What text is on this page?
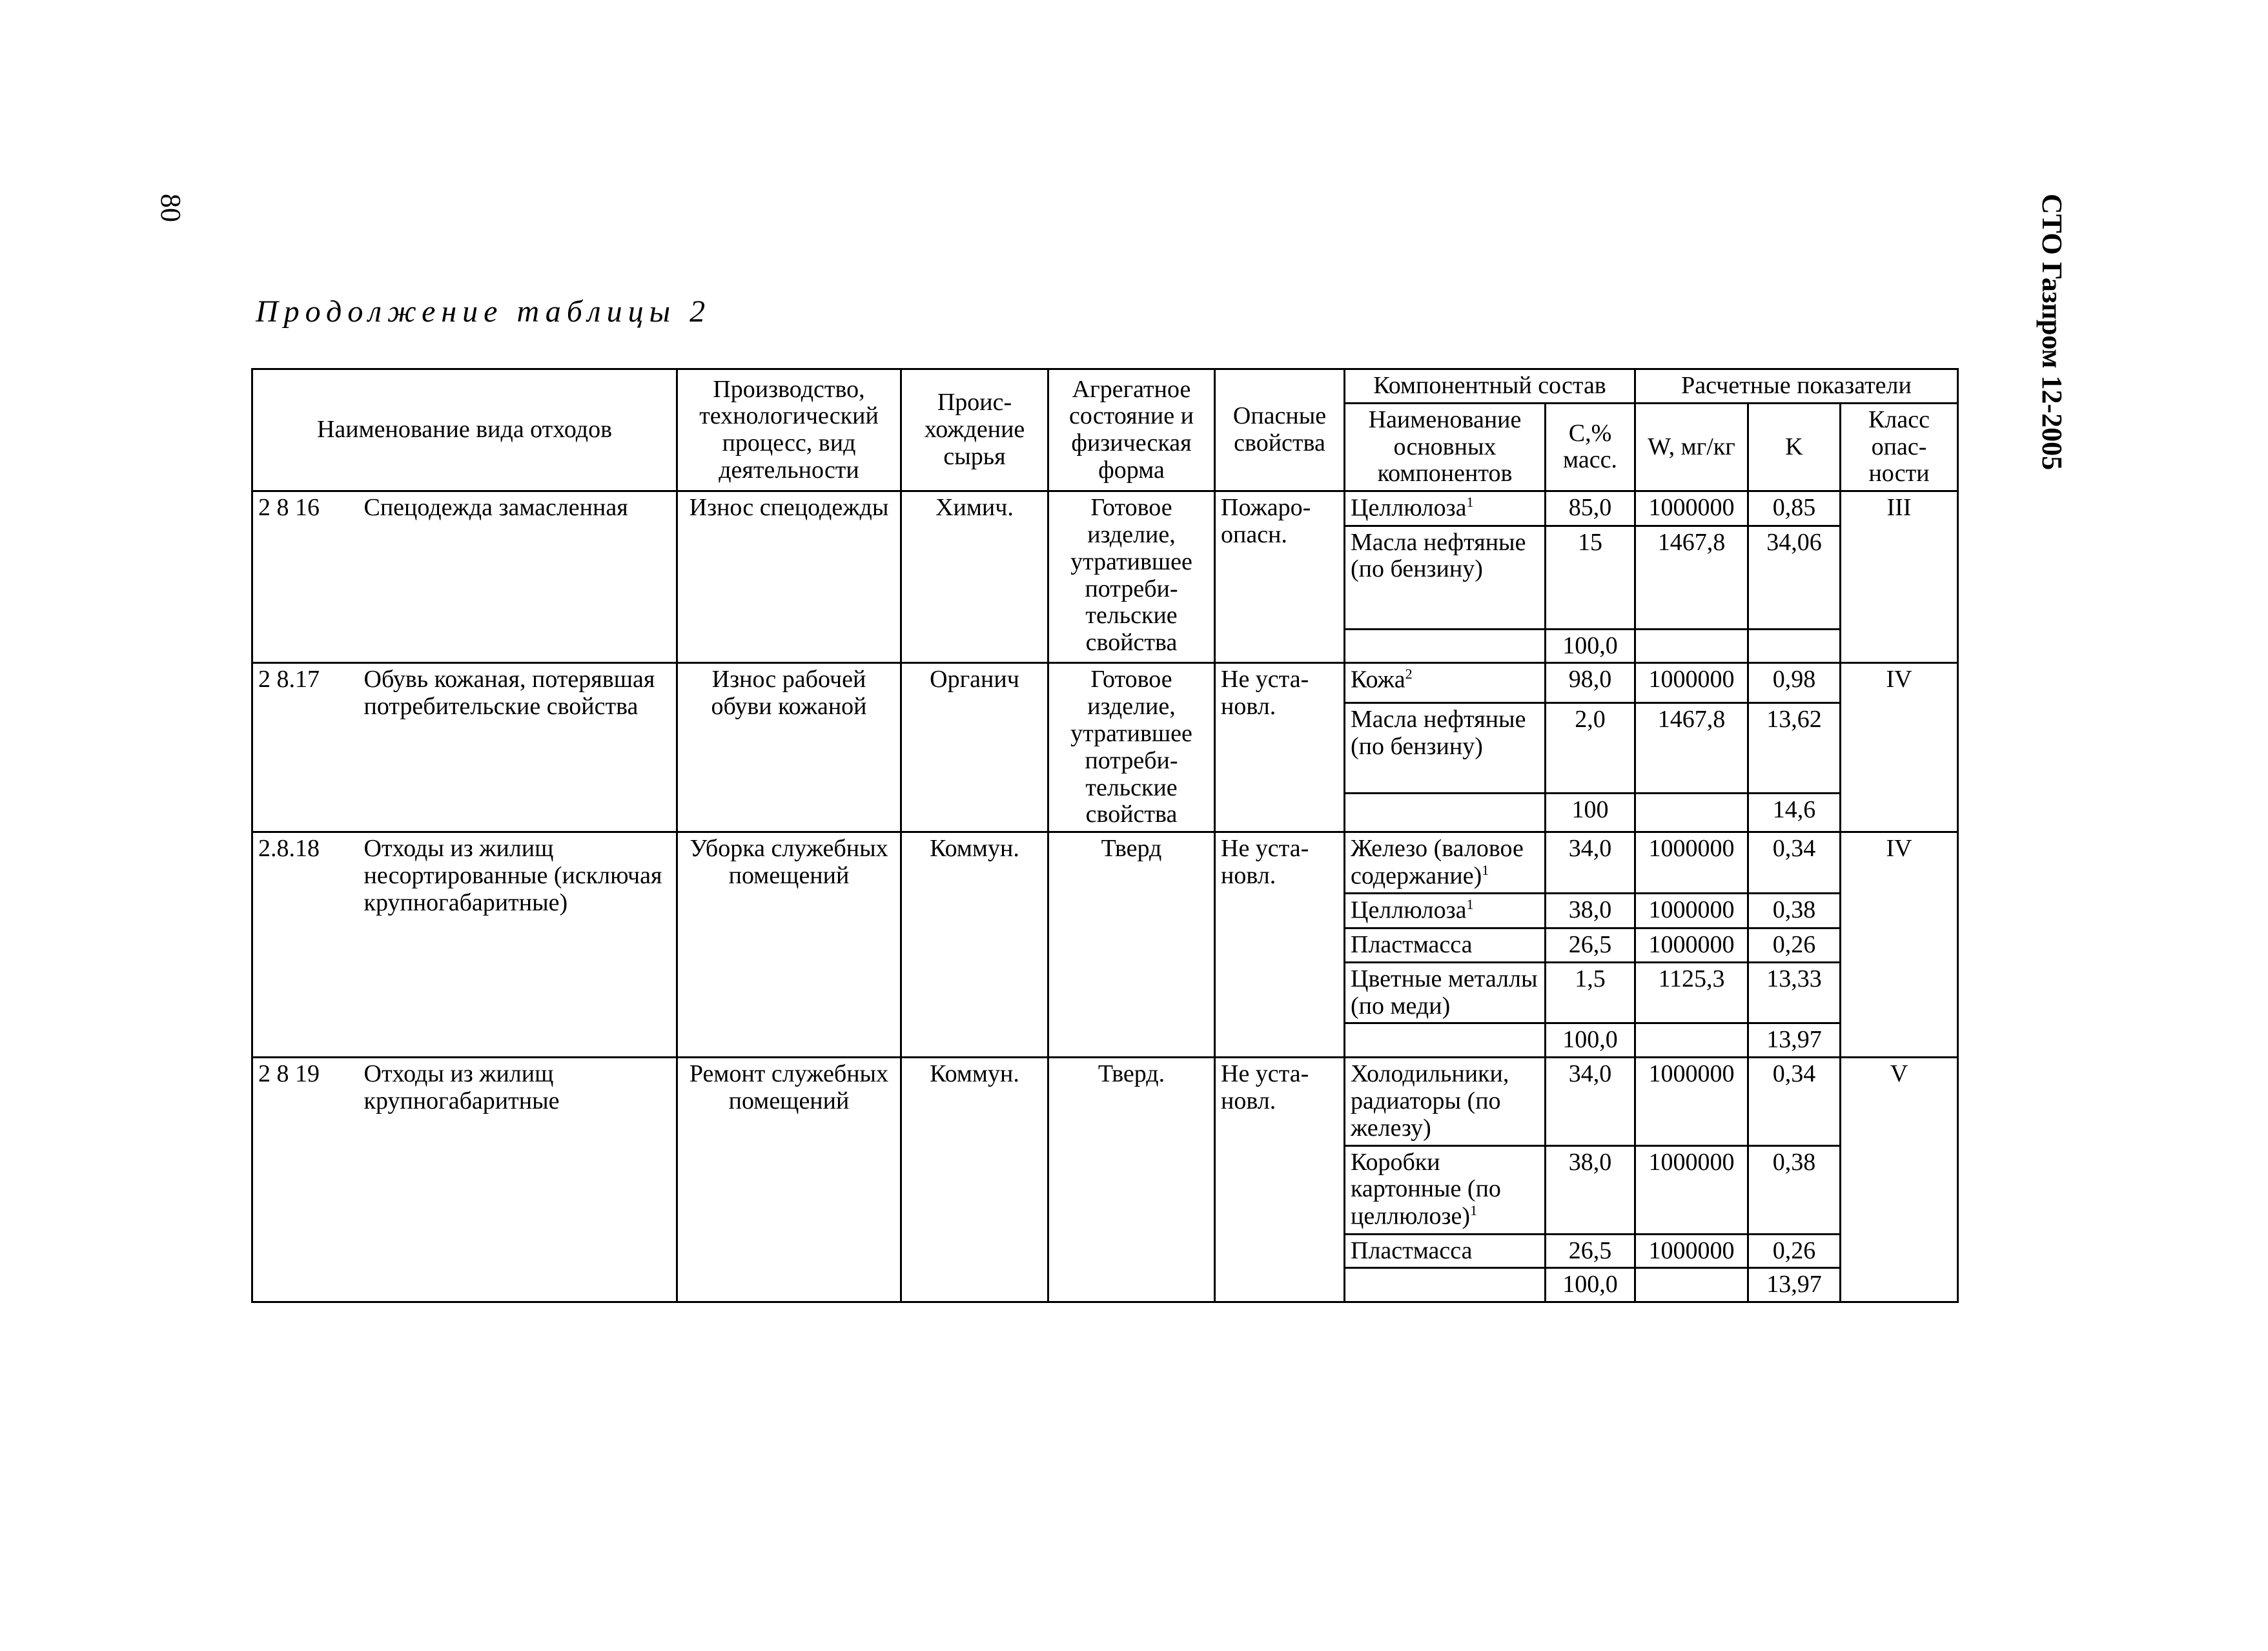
80	СТО Газпром 12-2005
Продолжение таблицы 2
Наименование вида отходов		Производство, технологический процесс, вид деятельности	Проис-хождение сырья	Агрегатное состояние и физическая форма	Опасные свойства	Компонентный состав		Расчетные показатели		
						Наименование основных компонентов	С,% масс.	W, мг/кг	K	Класс опас-ности
2 8 16	Спецодежда замасленная	Износ спецодежды	Химич.	Готовое изделие, утратившее потреби-тельские свойства	Пожаро-опасн.	Целлюлоза$^1$	85,0	1000000	0,85	III
						Масла нефтяные (по бензину)	15	1467,8	34,06	
							100,0			
2 8.17	Обувь кожаная, потерявшая потребительские свойства	Износ рабочей обуви кожаной	Органич	Готовое изделие, утратившее потреби-тельские свойства	Не уста-новл.	Кожа$^2$	98,0	1000000	0,98	IV
						Масла нефтяные (по бензину)	2,0	1467,8	13,62	
							100		14,6	
2.8.18	Отходы из жилищ несортированные (исключая крупногабаритные)	Уборка служебных помещений	Коммун.	Тверд	Не уста-новл.	Железо (валовое содержание)$^1$	34,0	1000000	0,34	IV
						Целлюлоза$^1$	38,0	1000000	0,38	
						Пластмасса	26,5	1000000	0,26	
						Цветные металлы (по меди)	1,5	1125,3	13,33	
							100,0		13,97	
2 8 19	Отходы из жилищ крупногабаритные	Ремонт служебных помещений	Коммун.	Тверд.	Не уста-новл.	Холодильники, радиаторы (по железу)	34,0	1000000	0,34	V
						Коробки картонные (по целлюлозе)$^1$	38,0	1000000	0,38	
						Пластмасса	26,5	1000000	0,26	
							100,0		13,97	
